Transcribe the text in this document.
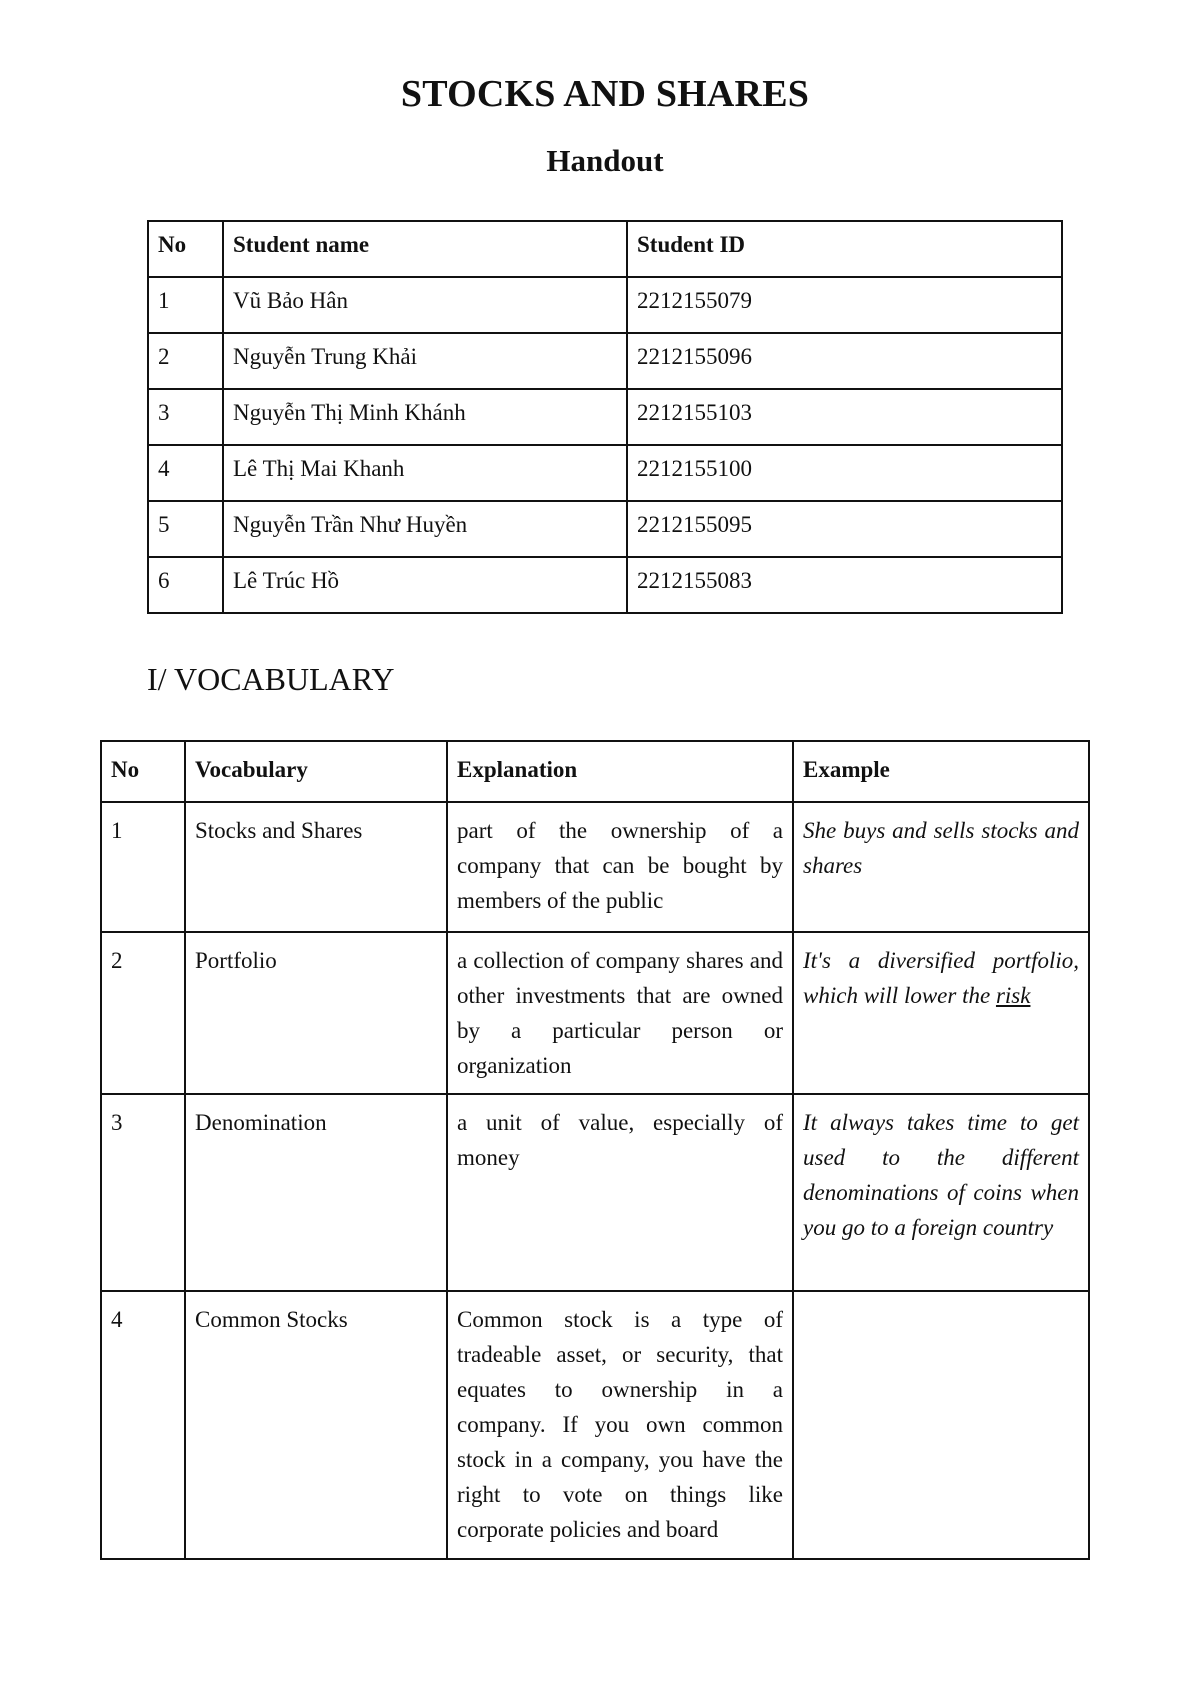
STOCKS AND SHARES
Handout
No	Student name	Student ID
1	Vũ Bảo Hân	2212155079
2	Nguyễn Trung Khải	2212155096
3	Nguyễn Thị Minh Khánh	2212155103
4	Lê Thị Mai Khanh	2212155100
5	Nguyễn Trần Như Huyền	2212155095
6	Lê Trúc Hồ	2212155083
I/ VOCABULARY
No	Vocabulary	Explanation	Example
1	Stocks and Shares	part of the ownership of a company that can be bought by members of the public	She buys and sells stocks and shares
2	Portfolio	a collection of company shares and other investments that are owned by a particular person or organization	It's a diversified portfolio, which will lower the risk
3	Denomination	a unit of value, especially of money	It always takes time to get used to the different denominations of coins when you go to a foreign country
4	Common Stocks	Common stock is a type of tradeable asset, or security, that equates to ownership in a company. If you own common stock in a company, you have the right to vote on things like corporate policies and board	
